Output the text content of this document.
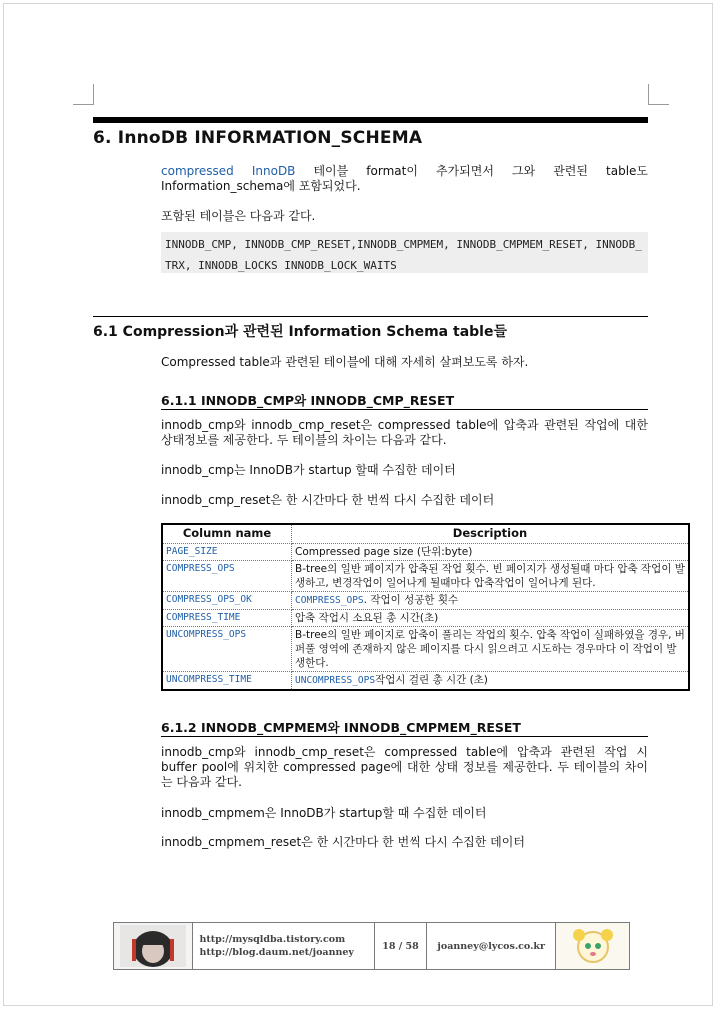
6. InnoDB INFORMATION_SCHEMA
compressed InnoDB 테이블 format이 추가되면서 그와 관련된 table도 Information_schema에 포함되었다.
포함된 테이블은 다음과 같다.
INNODB_CMP, INNODB_CMP_RESET,INNODB_CMPMEM, INNODB_CMPMEM_RESET, INNODB_TRX, INNODB_LOCKS INNODB_LOCK_WAITS
6.1 Compression과 관련된 Information Schema table들
Compressed table과 관련된 테이블에 대해 자세히 살펴보도록 하자.
6.1.1 INNODB_CMP와 INNODB_CMP_RESET
innodb_cmp와 innodb_cmp_reset은 compressed table에 압축과 관련된 작업에 대한 상태정보를 제공한다. 두 테이블의 차이는 다음과 같다.
innodb_cmp는 InnoDB가 startup 할때 수집한 데이터
innodb_cmp_reset은 한 시간마다 한 번씩 다시 수집한 데이터
Column name	Description
PAGE_SIZE	Compressed page size (단위:byte)
COMPRESS_OPS	B-tree의 일반 페이지가 압축된 작업 횟수. 빈 페이지가 생성될때 마다 압축 작업이 발생하고, 변경작업이 일어나게 될때마다 압축작업이 일어나게 된다.
COMPRESS_OPS_OK	COMPRESS_OPS. 작업이 성공한 횟수
COMPRESS_TIME	압축 작업시 소요된 총 시간(초)
UNCOMPRESS_OPS	B-tree의 일반 페이지로 압축이 풀리는 작업의 횟수. 압축 작업이 실패하였을 경우, 버퍼풀 영역에 존재하지 않은 페이지를 다시 읽으려고 시도하는 경우마다 이 작업이 발생한다.
UNCOMPRESS_TIME	UNCOMPRESS_OPS작업시 걸린 총 시간 (초)
6.1.2 INNODB_CMPMEM와 INNODB_CMPMEM_RESET
innodb_cmp와 innodb_cmp_reset은 compressed table에 압축과 관련된 작업 시 buffer pool에 위치한 compressed page에 대한 상태 정보를 제공한다. 두 테이블의 차이는 다음과 같다.
innodb_cmpmem은 InnoDB가 startup할 때 수집한 데이터
innodb_cmpmem_reset은 한 시간마다 한 번씩 다시 수집한 데이터
http://mysqldba.tistory.com
http://blog.daum.net/joanney
18 / 58	joanney@lycos.co.kr
